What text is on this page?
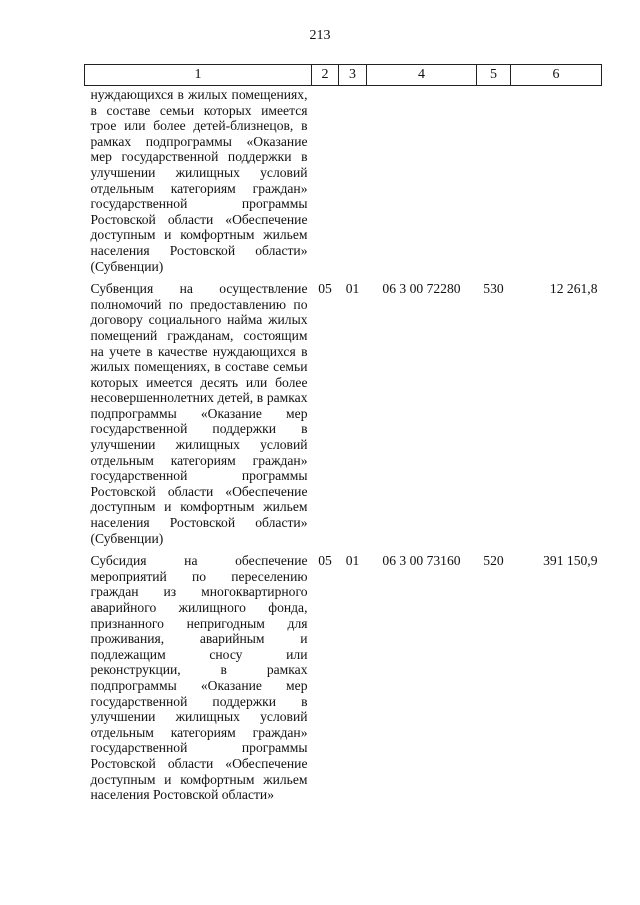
213
1	2	3	4	5	6
нуждающихся в жилых помещениях, в составе семьи которых имеется трое или более детей-близнецов, в рамках подпрограммы «Оказание мер государственной поддержки в улучшении жилищных условий отдельным категориям граждан» государственной программы Ростовской области «Обеспечение доступным и комфортным жильем населения Ростовской области» (Субвенции)					
Субвенция на осуществление полномочий по предоставлению по договору социального найма жилых помещений гражданам, состоящим на учете в качестве нуждающихся в жилых помещениях, в составе семьи которых имеется десять или более несовершеннолетних детей, в рамках подпрограммы «Оказание мер государственной поддержки в улучшении жилищных условий отдельным категориям граждан» государственной программы Ростовской области «Обеспечение доступным и комфортным жильем населения Ростовской области» (Субвенции)	05	01	06 3 00 72280	530	12 261,8
Субсидия на обеспечение мероприятий по переселению граждан из многоквартирного аварийного жилищного фонда, признанного непригодным для проживания, аварийным и подлежащим сносу или реконструкции, в рамках подпрограммы «Оказание мер государственной поддержки в улучшении жилищных условий отдельным категориям граждан» государственной программы Ростовской области «Обеспечение доступным и комфортным жильем населения Ростовской области»	05	01	06 3 00 73160	520	391 150,9
